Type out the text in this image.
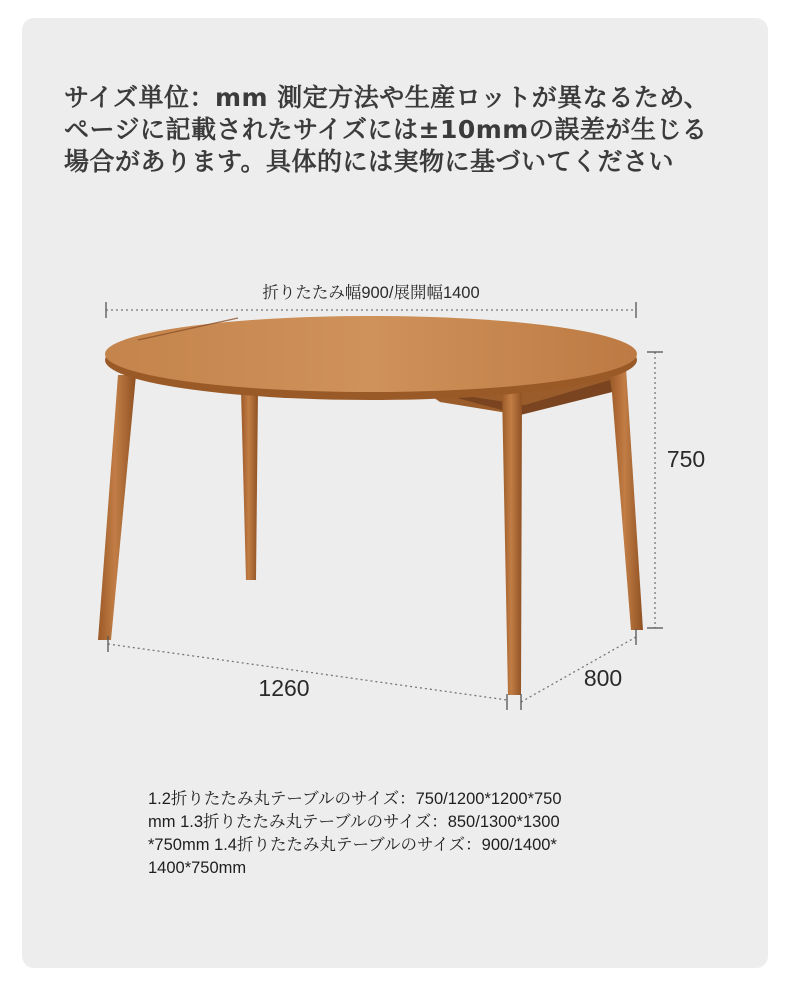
サイズ単位：mm 測定方法や生産ロットが異なるため、
ページに記載されたサイズには±10mmの誤差が生じる
場合があります。具体的には実物に基づいてください

折りたたみ幅900/展開幅1400
750
1260	800

1.2折りたたみ丸テーブルのサイズ：750/1200*1200*750
mm 1.3折りたたみ丸テーブルのサイズ：850/1300*1300
*750mm 1.4折りたたみ丸テーブルのサイズ：900/1400*
1400*750mm
